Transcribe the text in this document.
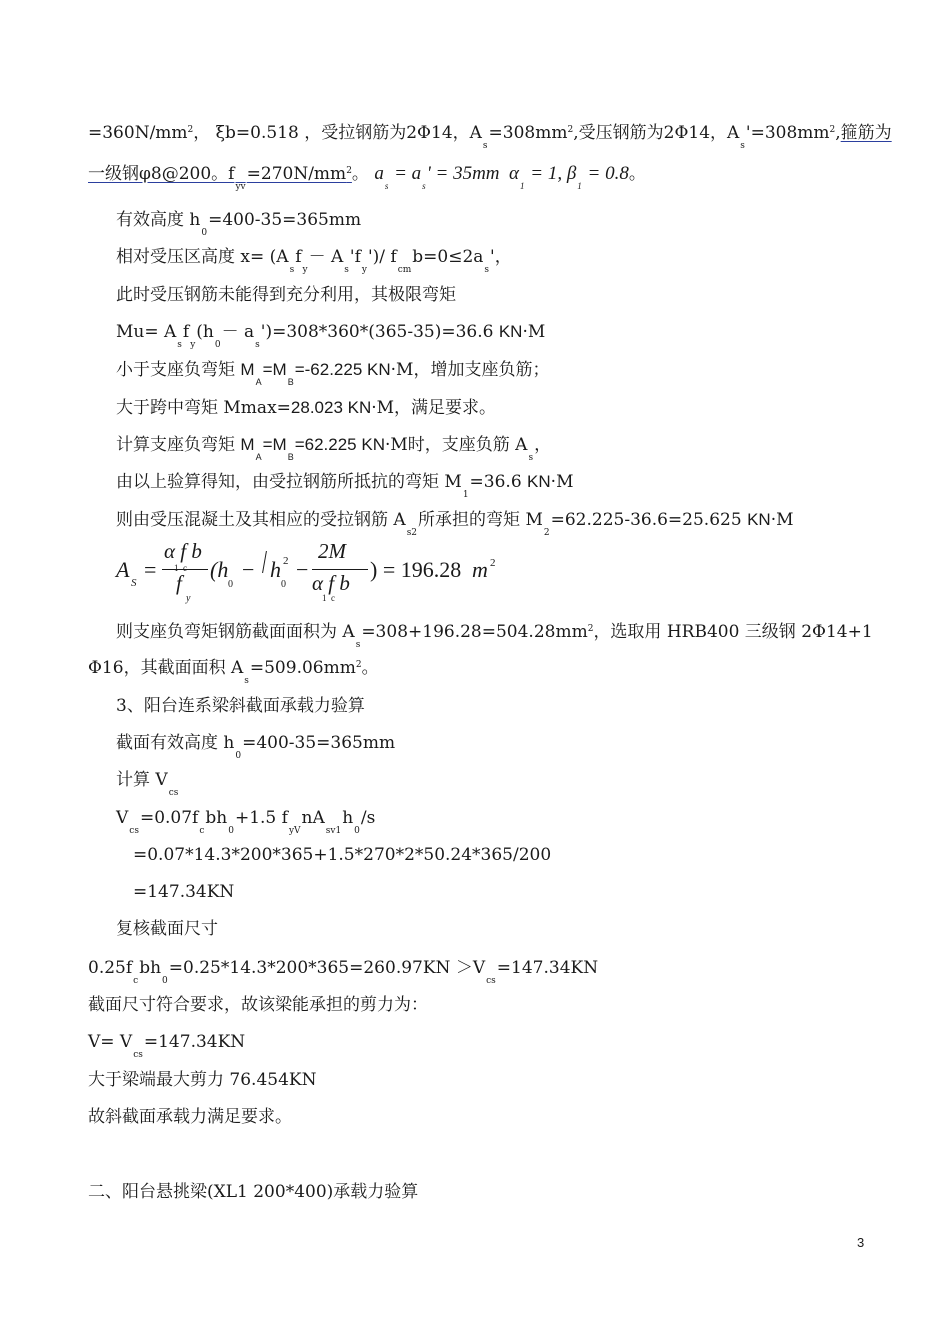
$=360N/mm^2$， ξb=0.518 ，受拉钢筋为2Φ14，$A_s=308mm^2$,受压钢筋为2Φ14，$A_s'=308mm^2$,箍筋为
一级钢φ8@200。$f_{yv}=270N/mm^2$。 $a_s = a_s' = 35mm$  $\alpha_1 = 1$, $\beta_1 = 0.8$。
有效高度 $h_0=400-35=365mm$
相对受压区高度 $x= (A_sf_y- A_s'f_y')/$ $f_{cm}b=0\le 2a_s'$，
此时受压钢筋未能得到充分利用，其极限弯矩
$Mu= A_sf_y(h_0- a_s')=308*360*(365-35)=36.6$ KN·M
小于支座负弯矩 $M_A=M_B=-62.225$ KN·M，增加支座负筋；
大于跨中弯矩 Mmax=28.023 KN·M，满足要求。
计算支座负弯矩 $M_A=M_B=62.225$ KN·M时，支座负筋 $A_s$，
由以上验算得知，由受拉钢筋所抵抗的弯矩 $M_1=36.6$ KN·M
则由受压混凝土及其相应的受拉钢筋 $A_{s2}$所承担的弯矩 $M_2=62.225-36.6=25.625$ KN·M
A
S
=
α f b
1  c
f
y
(h
0
− h 2
0
−
2M
α f b
1  c
) = 196.28 m 2
则支座负弯矩钢筋截面面积为 $A_s=308+196.28=504.28mm^2$，选取用 HRB400 三级钢 2Φ14+1
Φ16，其截面面积 $A_s=509.06mm^2$。
3、阳台连系梁斜截面承载力验算
截面有效高度 $h_0=400-35=365mm$
计算 $V_{cs}$
$V_{cs}=0.07f_cbh_0+1.5$ $f_{yV}nA_{sv1}h_0/s$
=0.07*14.3*200*365+1.5*270*2*50.24*365/200
=147.34KN
复核截面尺寸
$0.25f_cbh_0=0.25*14.3*200*365=260.97KN >V_{cs}=147.34KN$
截面尺寸符合要求，故该梁能承担的剪力为：
$V= V_{cs}=147.34KN$
大于梁端最大剪力 76.454KN
故斜截面承载力满足要求。
二、阳台悬挑梁(XL1 200*400)承载力验算
3
